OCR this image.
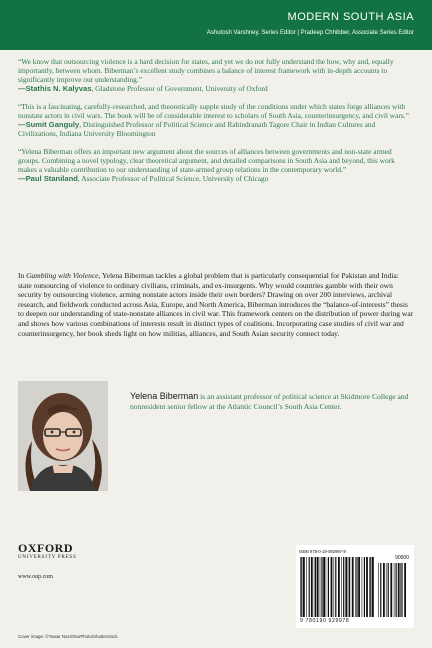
MODERN SOUTH ASIA
Ashutosh Varshney, Series Editor | Pradeep Chhibber, Associate Series Editor
“We know that outsourcing violence is a hard decision for states, and yet we do not fully understand the how, why and, equally importantly, between whom. Biberman’s excellent study combines a balance of interest framework with in-depth accounts to significantly improve our understanding.”
—Stathis N. Kalyvas, Gladstone Professor of Government, University of Oxford
“This is a fascinating, carefully-researched, and theoretically supple study of the conditions under which states forge alliances with nonstate actors in civil wars. The book will be of considerable interest to scholars of South Asia, counterinsurgency, and civil wars.”
—Sumit Ganguly, Distinguished Professor of Political Science and Rabindranath Tagore Chair in Indian Cultures and Civilizations, Indiana University Bloomington
“Yelena Biberman offers an important new argument about the sources of alliances between governments and non-state armed groups. Combining a novel typology, clear theoretical argument, and detailed comparisons in South Asia and beyond, this work makes a valuable contribution to our understanding of state-armed group relations in the contemporary world.”
—Paul Staniland, Associate Professor of Political Science, University of Chicago
In Gambling with Violence, Yelena Biberman tackles a global problem that is particularly consequential for Pakistan and India: state outsourcing of violence to ordinary civilians, criminals, and ex-insurgents. Why would countries gamble with their own security by outsourcing violence, arming nonstate actors inside their own borders? Drawing on over 200 interviews, archival research, and fieldwork conducted across Asia, Europe, and North America, Biberman introduces the “balance-of-interests” thesis to deepen our understanding of state-nonstate alliances in civil war. This framework centers on the distribution of power during war and shows how various combinations of interests result in distinct types of coalitions. Incorporating case studies of civil war and counterinsurgency, her book sheds light on how militias, alliances, and South Asian security connect today.
Yelena Biberman is an assistant professor of political science at Skidmore College and nonresident senior fellow at the Atlantic Council’s South Asia Center.
OXFORD
UNIVERSITY PRESS
www.oup.com
Cover image: ©Yawar Nazir/NurPhoto/Shutterstock
ISBN 978-0-19-092997-8
90000
9 780190 929978
